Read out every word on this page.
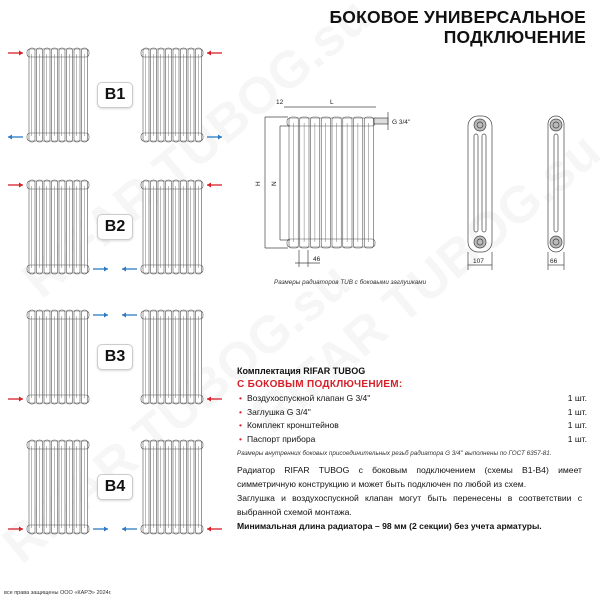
БОКОВОЕ УНИВЕРСАЛЬНОЕ
ПОДКЛЮЧЕНИЕ
B1
B2
B3
B4
12	L
G 3/4''
H N
46	107	66
Размеры радиаторов TUB с боковыми заглушками
Комплектация RIFAR TUBOG
С БОКОВЫМ ПОДКЛЮЧЕНИЕМ:
• Воздухоспускной клапан G 3/4''	1 шт.
• Заглушка G 3/4''	1 шт.
• Комплект кронштейнов	1 шт.
• Паспорт прибора	1 шт.
Размеры внутренних боковых присоединительных резьб радиатора G 3/4'' выполнены по ГОСТ 6357-81.

Радиатор RIFAR TUBOG с боковым подключением (схемы B1-B4) имеет симметричную конструкцию и может быть подключен по любой из схем.

Заглушка и воздухоспускной клапан могут быть перенесены в соответствии с выбранной схемой монтажа.

Минимальная длина радиатора – 98 мм (2 секции) без учета арматуры.

все права защищены ООО «КАРЭ» 2024г.
